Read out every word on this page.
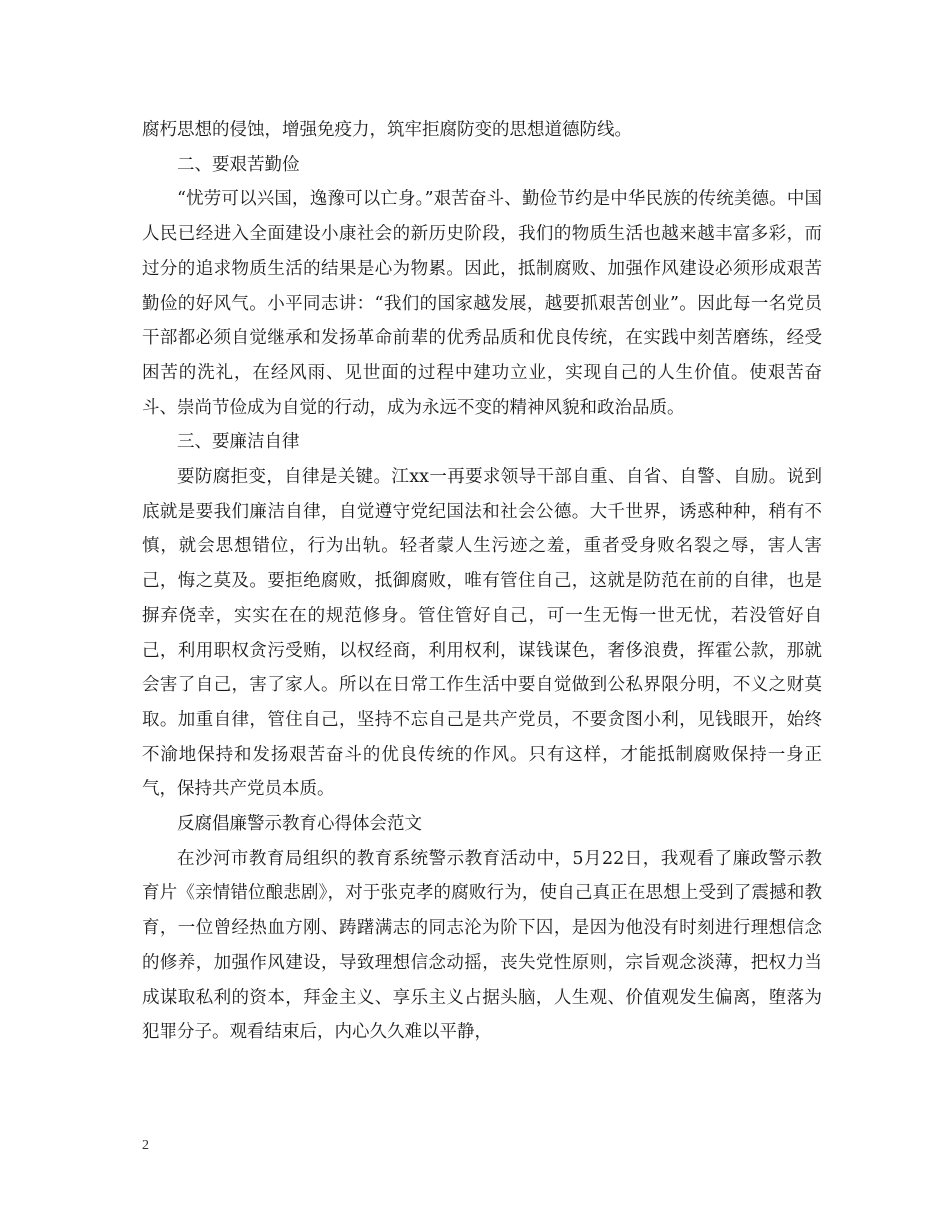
腐朽思想的侵蚀，增强免疫力，筑牢拒腐防变的思想道德防线。

二、要艰苦勤俭

“忧劳可以兴国，逸豫可以亡身。”艰苦奋斗、勤俭节约是中华民族的传统美德。中国人民已经进入全面建设小康社会的新历史阶段，我们的物质生活也越来越丰富多彩，而过分的追求物质生活的结果是心为物累。因此，抵制腐败、加强作风建设必须形成艰苦勤俭的好风气。小平同志讲：“我们的国家越发展，越要抓艰苦创业”。因此每一名党员干部都必须自觉继承和发扬革命前辈的优秀品质和优良传统，在实践中刻苦磨练，经受困苦的洗礼，在经风雨、见世面的过程中建功立业，实现自己的人生价值。使艰苦奋斗、崇尚节俭成为自觉的行动，成为永远不变的精神风貌和政治品质。

三、要廉洁自律

要防腐拒变，自律是关键。江xx一再要求领导干部自重、自省、自警、自励。说到底就是要我们廉洁自律，自觉遵守党纪国法和社会公德。大千世界，诱惑种种，稍有不慎，就会思想错位，行为出轨。轻者蒙人生污迹之羞，重者受身败名裂之辱，害人害己，悔之莫及。要拒绝腐败，抵御腐败，唯有管住自己，这就是防范在前的自律，也是摒弃侥幸，实实在在的规范修身。管住管好自己，可一生无悔一世无忧，若没管好自己，利用职权贪污受贿，以权经商，利用权利，谋钱谋色，奢侈浪费，挥霍公款，那就会害了自己，害了家人。所以在日常工作生活中要自觉做到公私界限分明，不义之财莫取。加重自律，管住自己，坚持不忘自己是共产党员，不要贪图小利，见钱眼开，始终不渝地保持和发扬艰苦奋斗的优良传统的作风。只有这样，才能抵制腐败保持一身正气，保持共产党员本质。

反腐倡廉警示教育心得体会范文

在沙河市教育局组织的教育系统警示教育活动中，5月22日，我观看了廉政警示教育片《亲情错位酿悲剧》，对于张克孝的腐败行为，使自己真正在思想上受到了震撼和教育，一位曾经热血方刚、踌躇满志的同志沦为阶下囚，是因为他没有时刻进行理想信念的修养，加强作风建设，导致理想信念动摇，丧失党性原则，宗旨观念淡薄，把权力当成谋取私利的资本，拜金主义、享乐主义占据头脑，人生观、价值观发生偏离，堕落为犯罪分子。观看结束后，内心久久难以平静，

2
